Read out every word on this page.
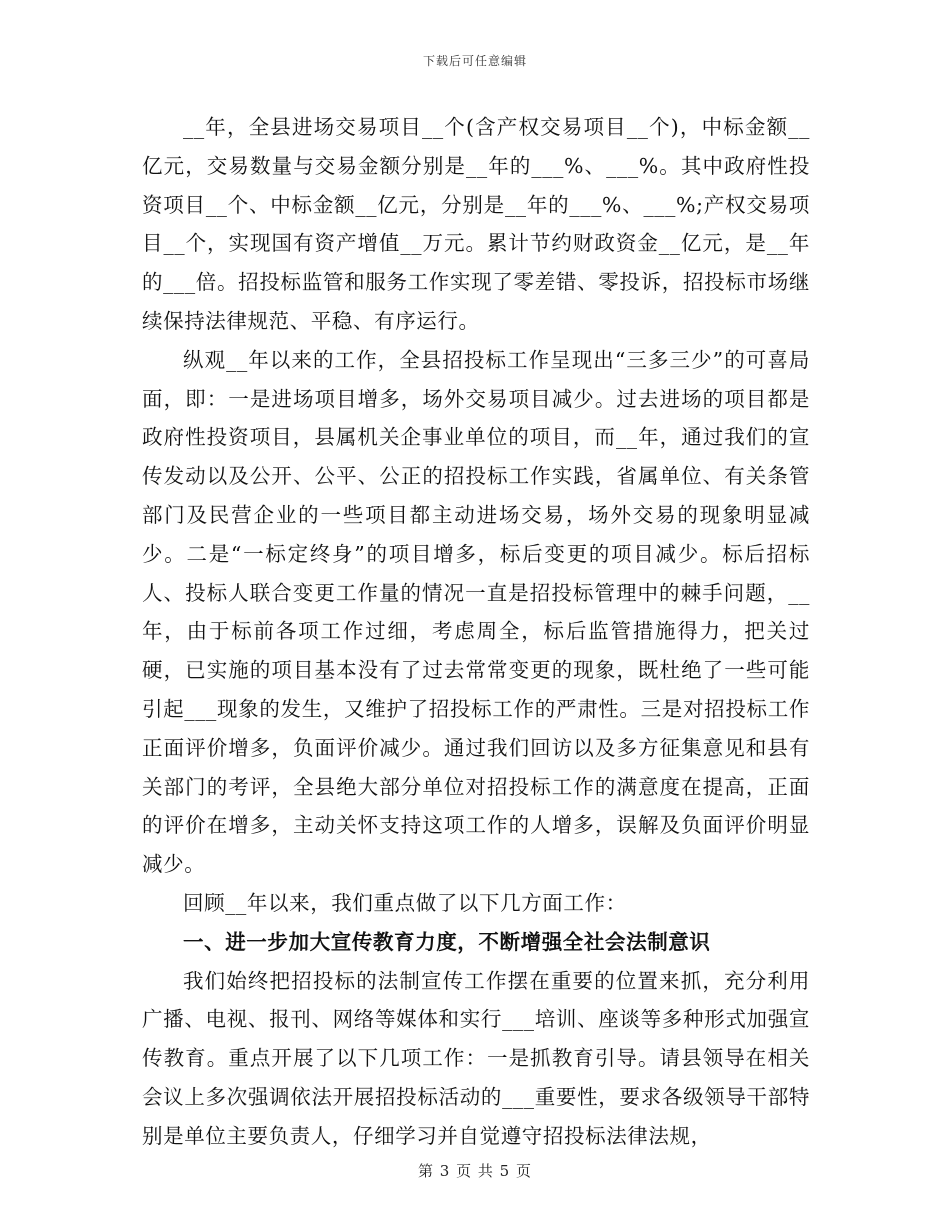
下载后可任意编辑

__年，全县进场交易项目__个(含产权交易项目__个)，中标金额__亿元，交易数量与交易金额分别是__年的___%、___%。其中政府性投资项目__个、中标金额__亿元，分别是__年的___%、___%;产权交易项目__个，实现国有资产增值__万元。累计节约财政资金__亿元，是__年的___倍。招投标监管和服务工作实现了零差错、零投诉，招投标市场继续保持法律规范、平稳、有序运行。

纵观__年以来的工作，全县招投标工作呈现出“三多三少”的可喜局面，即：一是进场项目增多，场外交易项目减少。过去进场的项目都是政府性投资项目，县属机关企事业单位的项目，而__年，通过我们的宣传发动以及公开、公平、公正的招投标工作实践，省属单位、有关条管部门及民营企业的一些项目都主动进场交易，场外交易的现象明显减少。二是“一标定终身”的项目增多，标后变更的项目减少。标后招标人、投标人联合变更工作量的情况一直是招投标管理中的棘手问题，__年，由于标前各项工作过细，考虑周全，标后监管措施得力，把关过硬，已实施的项目基本没有了过去常常变更的现象，既杜绝了一些可能引起___现象的发生，又维护了招投标工作的严肃性。三是对招投标工作正面评价增多，负面评价减少。通过我们回访以及多方征集意见和县有关部门的考评，全县绝大部分单位对招投标工作的满意度在提高，正面的评价在增多，主动关怀支持这项工作的人增多，误解及负面评价明显减少。

回顾__年以来，我们重点做了以下几方面工作：

一、进一步加大宣传教育力度，不断增强全社会法制意识

我们始终把招投标的法制宣传工作摆在重要的位置来抓，充分利用广播、电视、报刊、网络等媒体和实行___培训、座谈等多种形式加强宣传教育。重点开展了以下几项工作：一是抓教育引导。请县领导在相关会议上多次强调依法开展招投标活动的___重要性，要求各级领导干部特别是单位主要负责人，仔细学习并自觉遵守招投标法律法规，

第 3 页 共 5 页
